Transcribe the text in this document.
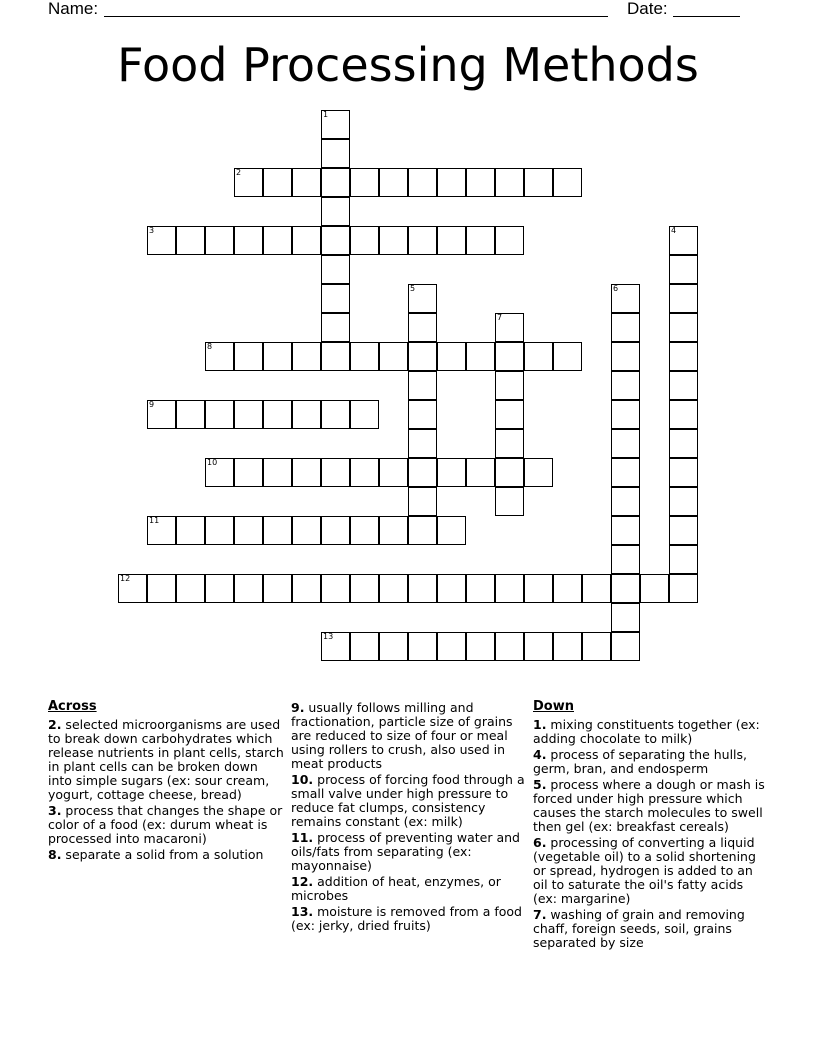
Name:	Date:
Food Processing Methods
1
2
3	4
5	6
7
8
9
10
11
12
13
Across
2. selected microorganisms are used to break down carbohydrates which release nutrients in plant cells, starch in plant cells can be broken down into simple sugars (ex: sour cream, yogurt, cottage cheese, bread)
3. process that changes the shape or color of a food (ex: durum wheat is processed into macaroni)
8. separate a solid from a solution
9. usually follows milling and fractionation, particle size of grains are reduced to size of four or meal using rollers to crush, also used in meat products
10. process of forcing food through a small valve under high pressure to reduce fat clumps, consistency remains constant (ex: milk)
11. process of preventing water and oils/fats from separating (ex: mayonnaise)
12. addition of heat, enzymes, or microbes
13. moisture is removed from a food (ex: jerky, dried fruits)
Down
1. mixing constituents together (ex: adding chocolate to milk)
4. process of separating the hulls, germ, bran, and endosperm
5. process where a dough or mash is forced under high pressure which causes the starch molecules to swell then gel (ex: breakfast cereals)
6. processing of converting a liquid (vegetable oil) to a solid shortening or spread, hydrogen is added to an oil to saturate the oil's fatty acids (ex: margarine)
7. washing of grain and removing chaff, foreign seeds, soil, grains separated by size
